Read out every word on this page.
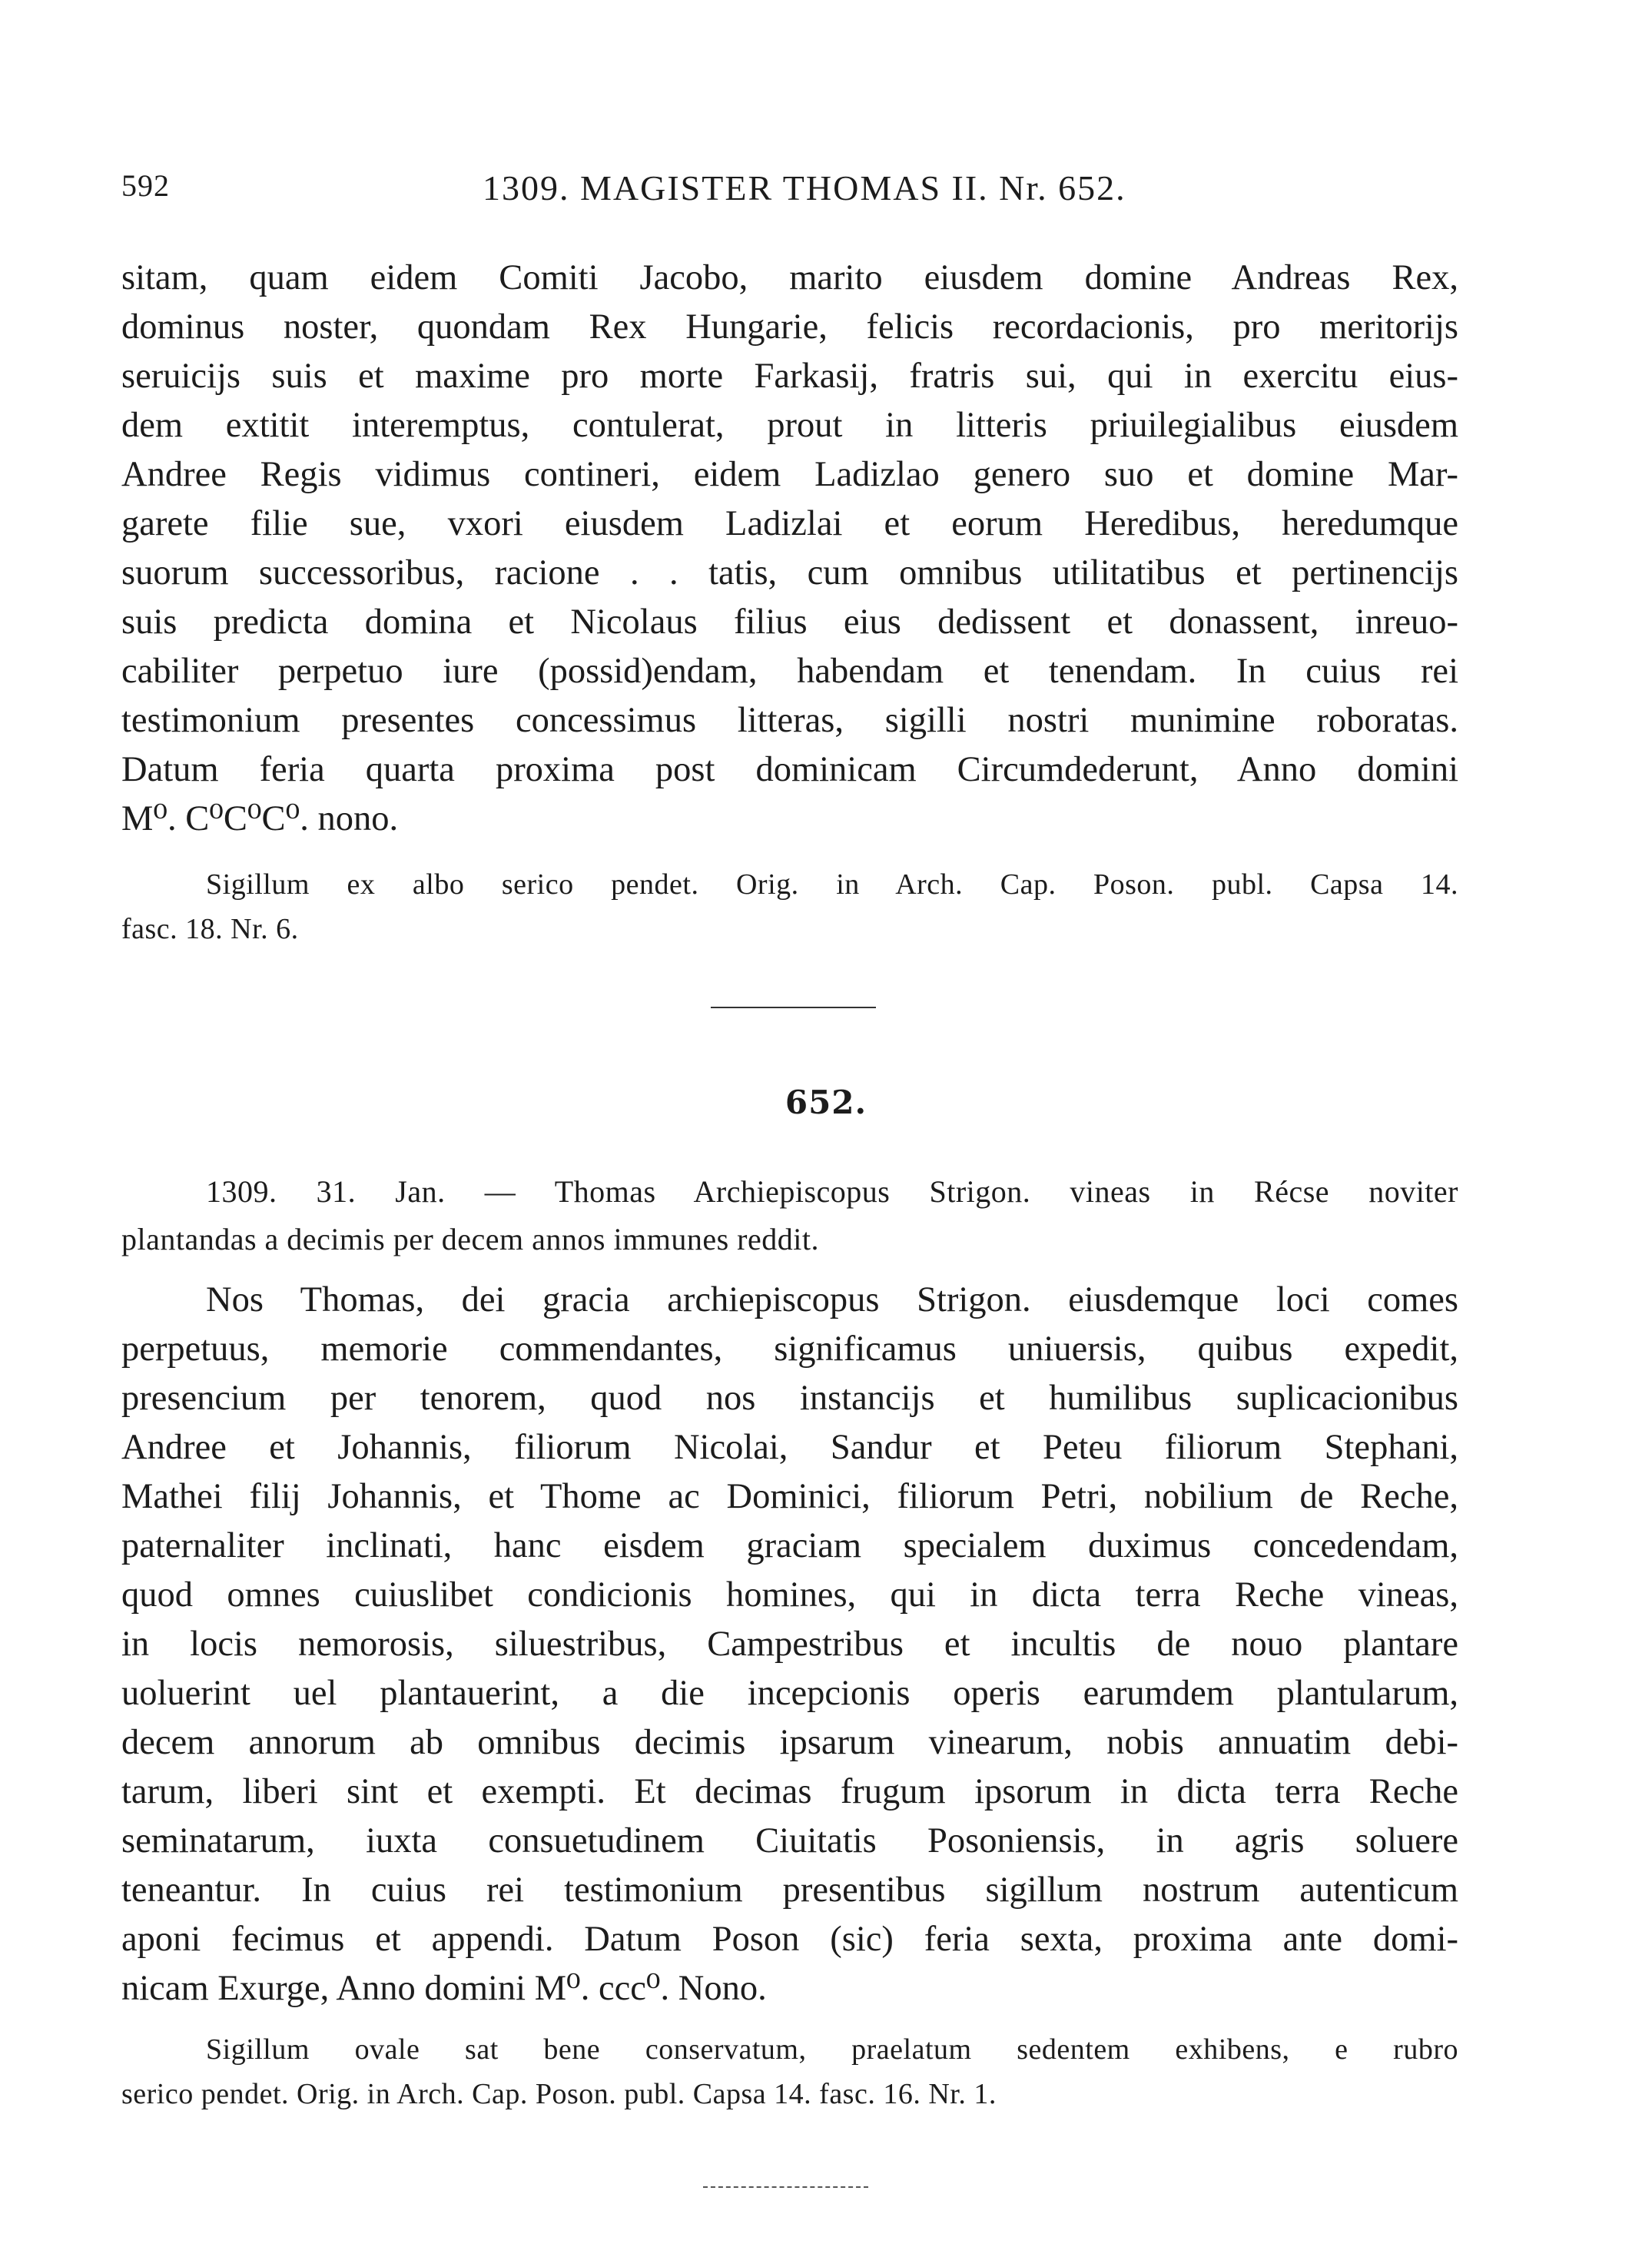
592	1309. MAGISTER THOMAS II. Nr. 652.
sitam, quam eidem Comiti Jacobo, marito eiusdem domine Andreas Rex,
dominus noster, quondam Rex Hungarie, felicis recordacionis, pro meritorijs
seruicijs suis et maxime pro morte Farkasij, fratris sui, qui in exercitu eius-
dem extitit interemptus, contulerat, prout in litteris priuilegialibus eiusdem
Andree Regis vidimus contineri, eidem Ladizlao genero suo et domine Mar-
garete filie sue, vxori eiusdem Ladizlai et eorum Heredibus, heredumque
suorum successoribus, racione . . tatis, cum omnibus utilitatibus et pertinencijs
suis predicta domina et Nicolaus filius eius dedissent et donassent, inreuo-
cabiliter perpetuo iure (possid)endam, habendam et tenendam. In cuius rei
testimonium presentes concessimus litteras, sigilli nostri munimine roboratas.
Datum feria quarta proxima post dominicam Circumdederunt, Anno domini
M⁰. C⁰C⁰C⁰. nono.
Sigillum ex albo serico pendet. Orig. in Arch. Cap. Poson. publ. Capsa 14.
fasc. 18. Nr. 6.
652.
1309. 31. Jan. — Thomas Archiepiscopus Strigon. vineas in Récse noviter
plantandas a decimis per decem annos immunes reddit.
Nos Thomas, dei gracia archiepiscopus Strigon. eiusdemque loci comes
perpetuus, memorie commendantes, significamus uniuersis, quibus expedit,
presencium per tenorem, quod nos instancijs et humilibus suplicacionibus
Andree et Johannis, filiorum Nicolai, Sandur et Peteu filiorum Stephani,
Mathei filij Johannis, et Thome ac Dominici, filiorum Petri, nobilium de Reche,
paternaliter inclinati, hanc eisdem graciam specialem duximus concedendam,
quod omnes cuiuslibet condicionis homines, qui in dicta terra Reche vineas,
in locis nemorosis, siluestribus, Campestribus et incultis de nouo plantare
uoluerint uel plantauerint, a die incepcionis operis earumdem plantularum,
decem annorum ab omnibus decimis ipsarum vinearum, nobis annuatim debi-
tarum, liberi sint et exempti. Et decimas frugum ipsorum in dicta terra Reche
seminatarum, iuxta consuetudinem Ciuitatis Posoniensis, in agris soluere
teneantur. In cuius rei testimonium presentibus sigillum nostrum autenticum
aponi fecimus et appendi. Datum Poson (sic) feria sexta, proxima ante domi-
nicam Exurge, Anno domini M⁰. ccc⁰. Nono.
Sigillum ovale sat bene conservatum, praelatum sedentem exhibens, e rubro
serico pendet. Orig. in Arch. Cap. Poson. publ. Capsa 14. fasc. 16. Nr. 1.
